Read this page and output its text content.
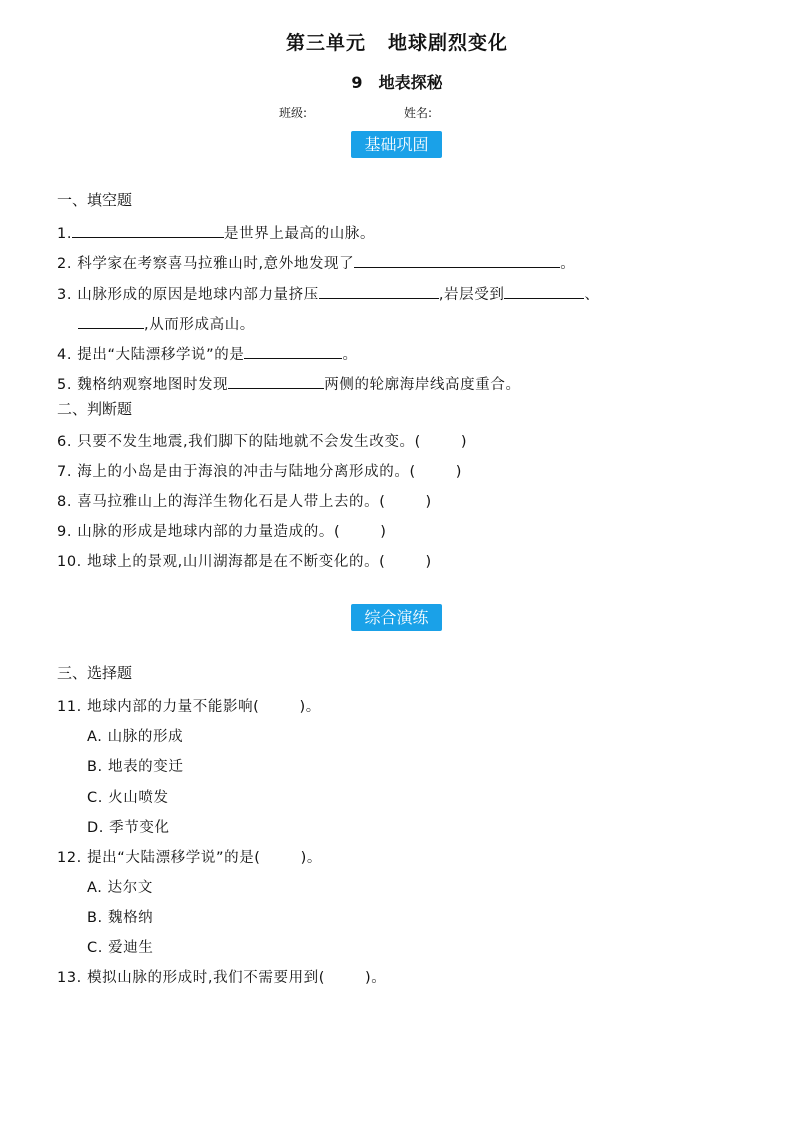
第三单元 地球剧烈变化
9 地表探秘
班级:	姓名:
基础巩固
一、填空题
1.	是世界上最高的山脉。
2. 科学家在考察喜马拉雅山时,意外地发现了	。
3. 山脉形成的原因是地球内部力量挤压	,岩层受到	、
,从而形成高山。
4. 提出“大陆漂移学说”的是	。
5. 魏格纳观察地图时发现	两侧的轮廓海岸线高度重合。
二、判断题
6. 只要不发生地震,我们脚下的陆地就不会发生改变。(	)
7. 海上的小岛是由于海浪的冲击与陆地分离形成的。(	)
8. 喜马拉雅山上的海洋生物化石是人带上去的。(	)
9. 山脉的形成是地球内部的力量造成的。(	)
10. 地球上的景观,山川湖海都是在不断变化的。(	)
综合演练
三、选择题
11. 地球内部的力量不能影响(	)。
A. 山脉的形成
B. 地表的变迁
C. 火山喷发
D. 季节变化
12. 提出“大陆漂移学说”的是(	)。
A. 达尔文
B. 魏格纳
C. 爱迪生
13. 模拟山脉的形成时,我们不需要用到(	)。
